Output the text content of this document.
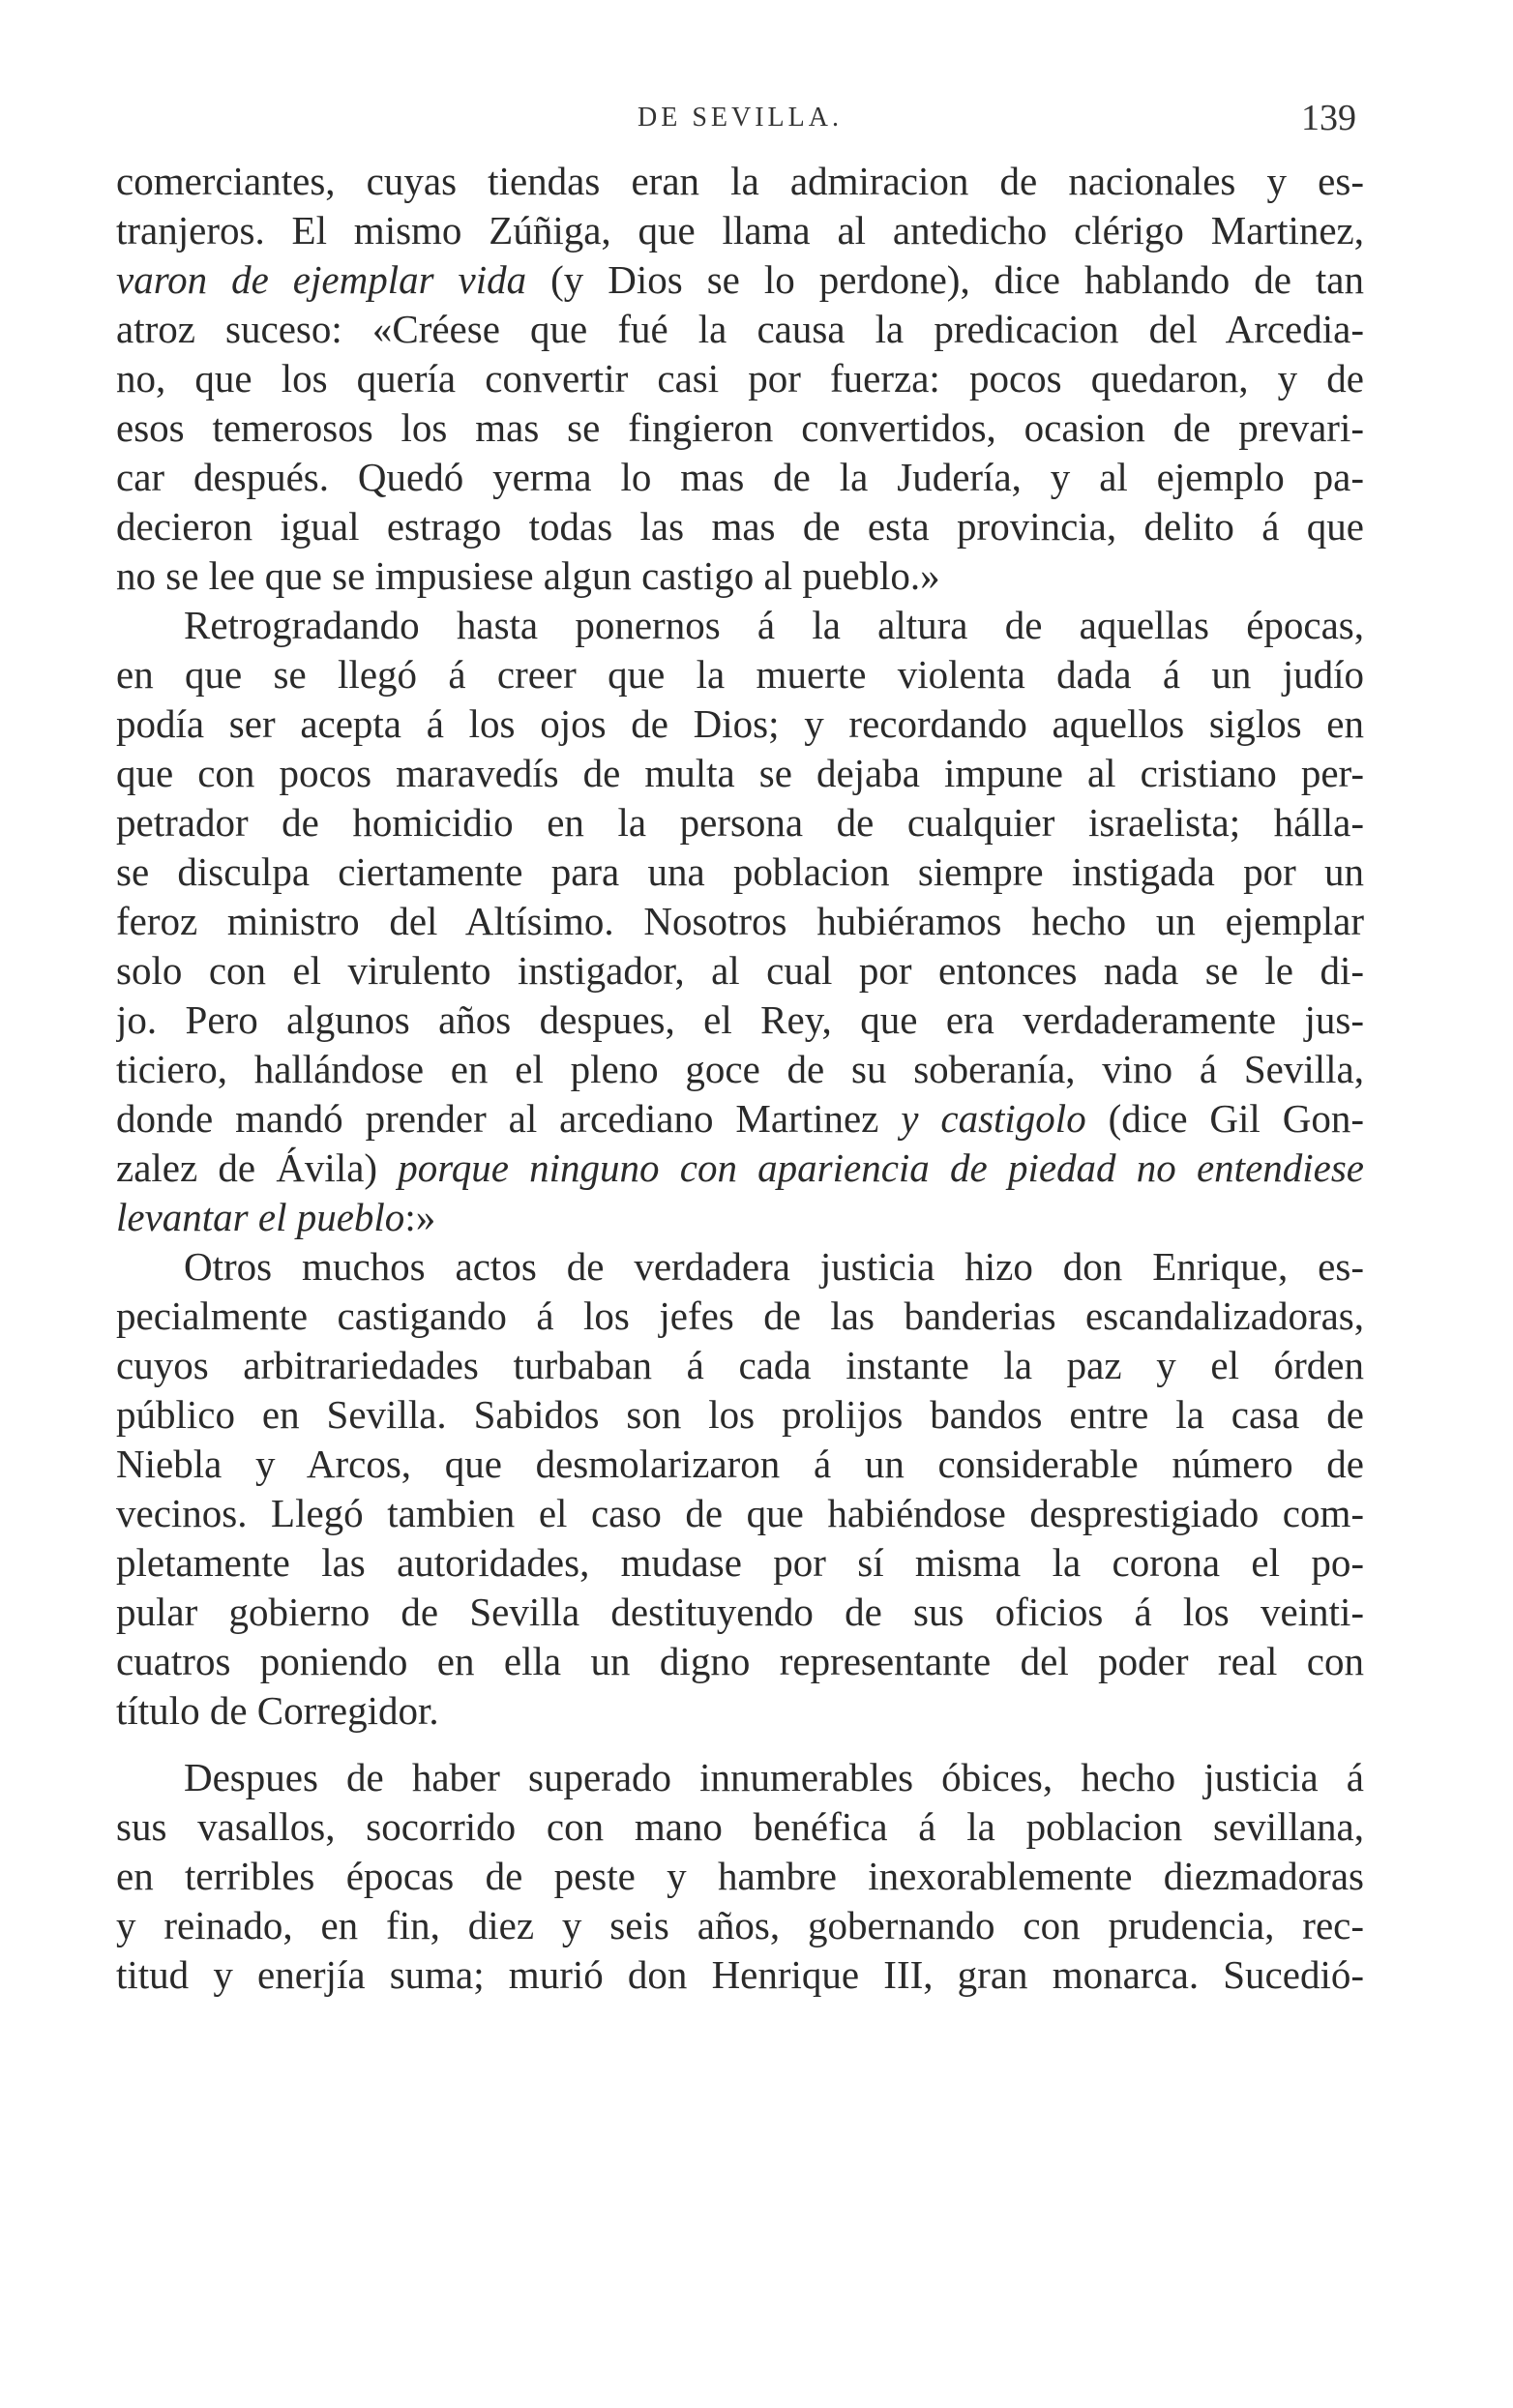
DE SEVILLA.	139
comerciantes, cuyas tiendas eran la admiracion de nacionales y es-
tranjeros. El mismo Zúñiga, que llama al antedicho clérigo Martinez,
varon de ejemplar vida (y Dios se lo perdone), dice hablando de tan
atroz suceso: «Créese que fué la causa la predicacion del Arcedia-
no, que los quería convertir casi por fuerza: pocos quedaron, y de
esos temerosos los mas se fingieron convertidos, ocasion de prevari-
car después. Quedó yerma lo mas de la Judería, y al ejemplo pa-
decieron igual estrago todas las mas de esta provincia, delito á que
no se lee que se impusiese algun castigo al pueblo.»
Retrogradando hasta ponernos á la altura de aquellas épocas,
en que se llegó á creer que la muerte violenta dada á un judío
podía ser acepta á los ojos de Dios; y recordando aquellos siglos en
que con pocos maravedís de multa se dejaba impune al cristiano per-
petrador de homicidio en la persona de cualquier israelista; hálla-
se disculpa ciertamente para una poblacion siempre instigada por un
feroz ministro del Altísimo. Nosotros hubiéramos hecho un ejemplar
solo con el virulento instigador, al cual por entonces nada se le di-
jo. Pero algunos años despues, el Rey, que era verdaderamente jus-
ticiero, hallándose en el pleno goce de su soberanía, vino á Sevilla,
donde mandó prender al arcediano Martinez y castigolo (dice Gil Gon-
zalez de Ávila) porque ninguno con apariencia de piedad no entendiese
levantar el pueblo:»
Otros muchos actos de verdadera justicia hizo don Enrique, es-
pecialmente castigando á los jefes de las banderias escandalizadoras,
cuyos arbitrariedades turbaban á cada instante la paz y el órden
público en Sevilla. Sabidos son los prolijos bandos entre la casa de
Niebla y Arcos, que desmolarizaron á un considerable número de
vecinos. Llegó tambien el caso de que habiéndose desprestigiado com-
pletamente las autoridades, mudase por sí misma la corona el po-
pular gobierno de Sevilla destituyendo de sus oficios á los veinti-
cuatros poniendo en ella un digno representante del poder real con
título de Corregidor.
Despues de haber superado innumerables óbices, hecho justicia á
sus vasallos, socorrido con mano benéfica á la poblacion sevillana,
en terribles épocas de peste y hambre inexorablemente diezmadoras
y reinado, en fin, diez y seis años, gobernando con prudencia, rec-
titud y enerjía suma; murió don Henrique III, gran monarca. Sucedió-
